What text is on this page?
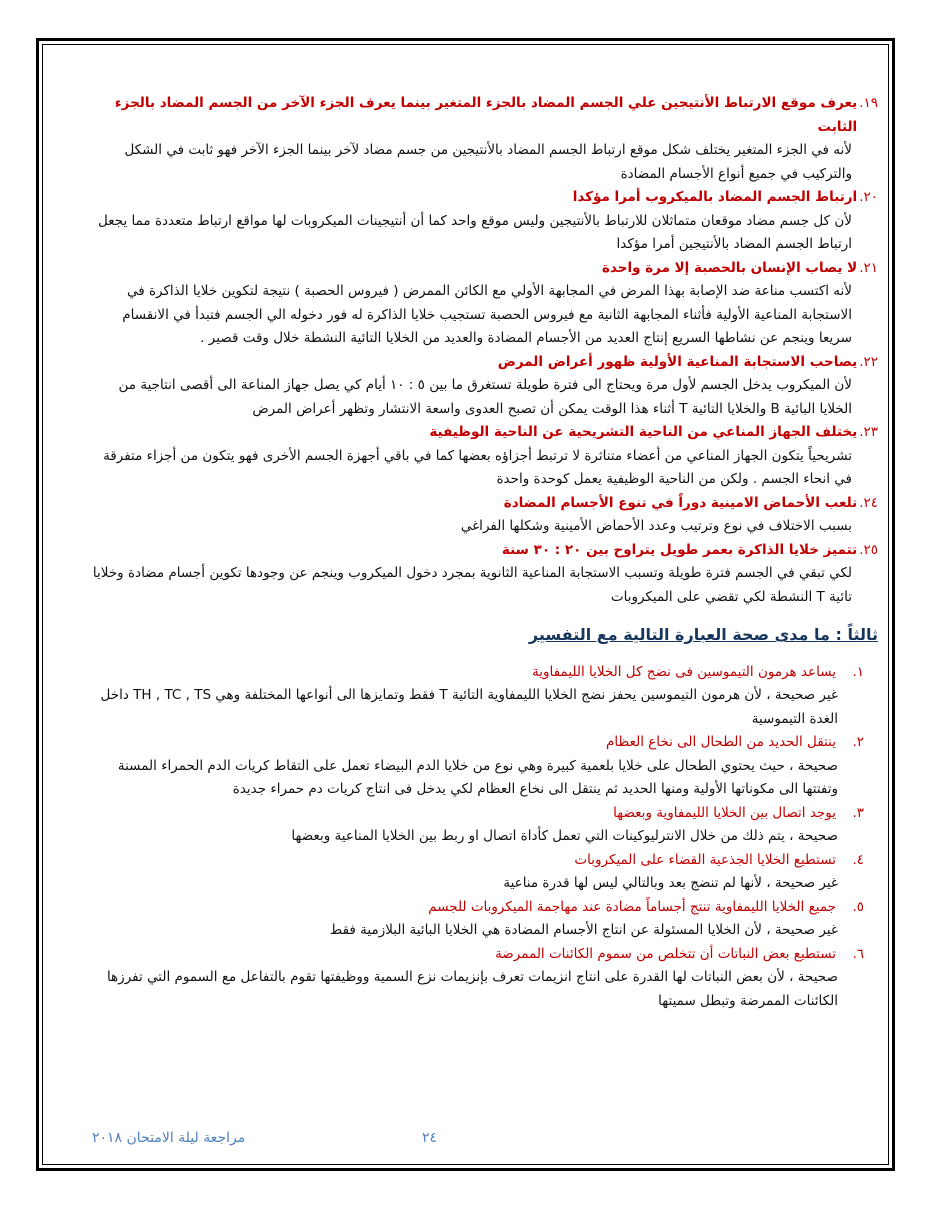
١٩.
يعرف موقع الارتباط الأنتيجين علي الجسم المضاد بالجزء المتغير بينما يعرف الجزء الآخر من الجسم المضاد بالجزء الثابت
لأنه في الجزء المتغير يختلف شكل موقع ارتباط الجسم المضاد بالأنتيجين من جسم مضاد لآخر بينما الجزء الآخر فهو ثابت في الشكل والتركيب في جميع أنواع الأجسام المضادة
٢٠.
ارتباط الجسم المضاد بالميكروب أمرا مؤكدا
لأن كل جسم مضاد موقعان متماثلان للارتباط بالأنتيجين وليس موقع واحد كما أن أنتيجينات الميكروبات لها مواقع ارتباط متعددة مما يجعل ارتباط الجسم المضاد بالأنتيجين أمرا مؤكدا
٢١.
لا يصاب الإنسان بالحصبة إلا مرة واحدة
لأنه اكتسب مناعة ضد الإصابة بهذا المرض في المجابهة الأولي مع الكائن الممرض ( فيروس الحصبة ) نتيجة لتكوين خلايا الذاكرة في الاستجابة المناعية الأولية فأثناء المجابهة الثانية مع فيروس الحصبة تستجيب خلايا الذاكرة له فور دخوله الي الجسم فتبدأ في الانقسام سريعا وينجم عن نشاطها السريع إنتاج العديد من الأجسام المضادة والعديد من الخلايا التائية النشطة خلال وقت قصير .
٢٢.
يصاحب الاستجابة المناعية الأولية ظهور أعراض المرض
لأن الميكروب يدخل الجسم لأول مرة ويحتاج الى فترة طويلة تستغرق ما بين ٥ : ١٠ أيام كي يصل جهاز المناعة الى أقصى انتاجية من الخلايا البائية B والخلايا التائية T أثناء هذا الوقت يمكن أن تصبح العدوى واسعة الانتشار وتظهر أعراض المرض
٢٣.
يختلف الجهاز المناعي من الناحية التشريحية عن الناحية الوظيفية
تشريحياً يتكون الجهاز المناعي من أعضاء متناثرة لا ترتبط أجزاؤه بعضها كما في باقي أجهزة الجسم الأخرى فهو يتكون من أجزاء متفرقة في انحاء الجسم . ولكن من الناحية الوظيفية يعمل كوحدة واحدة
٢٤.
تلعب الأحماض الامينية دوراً في تنوع الأجسام المضادة
بسبب الاختلاف في نوع وترتيب وعدد الأحماض الأمينية وشكلها الفراغي
٢٥.
تتميز خلايا الذاكرة بعمر طويل يتراوح بين ٢٠ : ٣٠ سنة
لكي تبقي في الجسم فترة طويلة وتسبب الاستجابة المناعية الثانوية بمجرد دخول الميكروب وينجم عن وجودها تكوين أجسام مضادة وخلايا تائية T النشطة لكي تقضي على الميكروبات
ثالثاً : ما مدى صحة العبارة التالية مع التفسير
١.
يساعد هرمون التيموسين فى نضج كل الخلايا الليمفاوية
غير صحيحة ، لأن هرمون التيموسين يحفز نضج الخلايا الليمفاوية التائية T فقط وتمايزها الى أنواعها المختلفة وهي TH , TC , TS داخل الغدة التيموسية
٢.
ينتقل الحديد من الطحال الى نخاع العظام
صحيحة ، حيث يحتوي الطحال على خلايا بلعمية كبيرة وهي نوع من خلايا الدم البيضاء تعمل على التقاط كريات الدم الحمراء المسنة وتفتتها الى مكوناتها الأولية ومنها الحديد ثم ينتقل الى نخاع العظام لكي يدخل فى انتاج كريات دم حمراء جديدة
٣.
يوجد اتصال بين الخلايا الليمفاوية وبعضها
صحيحة ، يتم ذلك من خلال الانترليوكينات التي تعمل كأداة اتصال او ربط بين الخلايا المناعية وبعضها
٤.
تستطيع الخلايا الجذعية القضاء على الميكروبات
غير صحيحة ، لأنها لم تنضج بعد وبالتالي ليس لها قدرة مناعية
٥.
جميع الخلايا الليمفاوية تنتج أجساماً مضادة عند مهاجمة الميكروبات للجسم
غير صحيحة ، لأن الخلايا المسئولة عن انتاج الأجسام المضادة هي الخلايا البائية البلازمية فقط
٦.
تستطيع بعض النباتات أن تتخلص من سموم الكائنات الممرضة
صحيحة ، لأن بعض النباتات لها القدرة على انتاج انزيمات تعرف بإنزيمات نزع السمية ووظيفتها تقوم بالتفاعل مع السموم التي تفرزها الكائنات الممرضة وتبطل سميتها
٢٤
مراجعة ليلة الامتحان ٢٠١٨
